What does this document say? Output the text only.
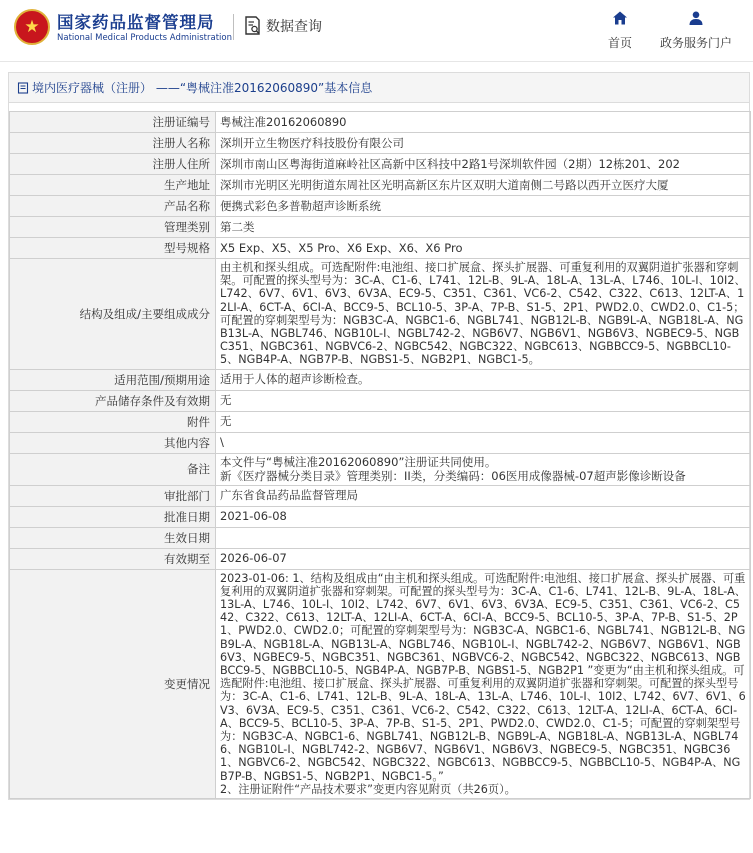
★ 国家药品监督管理局
National Medical Products Administration
数据查询
首页	政务服务门户
境内医疗器械（注册） ——“粤械注准20162060890”基本信息
注册证编号	粤械注准20162060890
注册人名称	深圳开立生物医疗科技股份有限公司
注册人住所	深圳市南山区粤海街道麻岭社区高新中区科技中2路1号深圳软件园（2期）12栋201、202
生产地址	深圳市光明区光明街道东周社区光明高新区东片区双明大道南侧二号路以西开立医疗大厦
产品名称	便携式彩色多普勒超声诊断系统
管理类别	第二类
型号规格	X5 Exp、X5、X5 Pro、X6 Exp、X6、X6 Pro
结构及组成/主要组成成分	由主机和探头组成。可选配附件:电池组、接口扩展盒、探头扩展器、可重复利用的双翼阴道扩张器和穿刺架。可配置的探头型号为：3C-A、C1-6、L741、12L-B、9L-A、18L-A、13L-A、L746、10L-I、10I2、L742、6V7、6V1、6V3、6V3A、EC9-5、C351、C361、VC6-2、C542、C322、C613、12LT-A、12LI-A、6CT-A、6CI-A、BCC9-5、BCL10-5、3P-A、7P-B、S1-5、2P1、PWD2.0、CWD2.0、C1-5；可配置的穿刺架型号为：NGB3C-A、NGBC1-6、NGBL741、NGB12L-B、NGB9L-A、NGB18L-A、NGB13L-A、NGBL746、NGB10L-I、NGBL742-2、NGB6V7、NGB6V1、NGB6V3、NGBEC9-5、NGBC351、NGBC361、NGBVC6-2、NGBC542、NGBC322、NGBC613、NGBBCC9-5、NGBBCL10-5、NGB4P-A、NGB7P-B、NGBS1-5、NGB2P1、NGBC1-5。
适用范围/预期用途	适用于人体的超声诊断检查。
产品储存条件及有效期	无
附件	无
其他内容	\
备注	本文件与“粤械注准20162060890”注册证共同使用。
新《医疗器械分类目录》管理类别：II类，分类编码：06医用成像器械-07超声影像诊断设备

审批部门	广东省食品药品监督管理局
批准日期	2021-06-08
生效日期	
有效期至	2026-06-07
变更情况	2023-01-06: 1、结构及组成由“由主机和探头组成。可选配附件:电池组、接口扩展盒、探头扩展器、可重复利用的双翼阴道扩张器和穿刺架。可配置的探头型号为：3C-A、C1-6、L741、12L-B、9L-A、18L-A、13L-A、L746、10L-I、10I2、L742、6V7、6V1、6V3、6V3A、EC9-5、C351、C361、VC6-2、C542、C322、C613、12LT-A、12LI-A、6CT-A、6CI-A、BCC9-5、BCL10-5、3P-A、7P-B、S1-5、2P1、PWD2.0、CWD2.0；可配置的穿刺架型号为：NGB3C-A、NGBC1-6、NGBL741、NGB12L-B、NGB9L-A、NGB18L-A、NGB13L-A、NGBL746、NGB10L-I、NGBL742-2、NGB6V7、NGB6V1、NGB6V3、NGBEC9-5、NGBC351、NGBC361、NGBVC6-2、NGBC542、NGBC322、NGBC613、NGBBCC9-5、NGBBCL10-5、NGB4P-A、NGB7P-B、NGBS1-5、NGB2P1 ”变更为“由主机和探头组成。可选配附件:电池组、接口扩展盒、探头扩展器、可重复利用的双翼阴道扩张器和穿刺架。可配置的探头型号为：3C-A、C1-6、L741、12L-B、9L-A、18L-A、13L-A、L746、10L-I、10I2、L742、6V7、6V1、6V3、6V3A、EC9-5、C351、C361、VC6-2、C542、C322、C613、12LT-A、12LI-A、6CT-A、6CI-A、BCC9-5、BCL10-5、3P-A、7P-B、S1-5、2P1、PWD2.0、CWD2.0、C1-5；可配置的穿刺架型号为：NGB3C-A、NGBC1-6、NGBL741、NGB12L-B、NGB9L-A、NGB18L-A、NGB13L-A、NGBL746、NGB10L-I、NGBL742-2、NGB6V7、NGB6V1、NGB6V3、NGBEC9-5、NGBC351、NGBC361、NGBVC6-2、NGBC542、NGBC322、NGBC613、NGBBCC9-5、NGBBCL10-5、NGB4P-A、NGB7P-B、NGBS1-5、NGB2P1、NGBC1-5。”
2、注册证附件“产品技术要求”变更内容见附页（共26页）。
